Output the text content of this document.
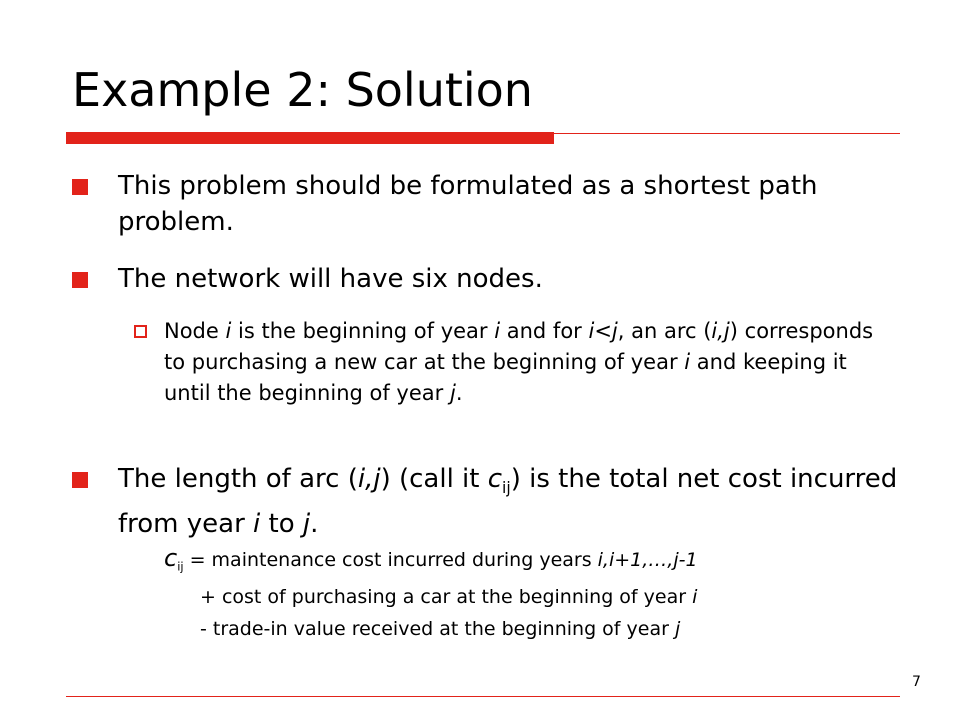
Example 2: Solution
This problem should be formulated as a shortest path problem.
The network will have six nodes.
Node i is the beginning of year i and for i<j, an arc (i,j) corresponds to purchasing a new car at the beginning of year i and keeping it until the beginning of year j.
The length of arc (i,j) (call it $c_{ij}$) is the total net cost incurred from year i to j.
$c_{ij}$ = maintenance cost incurred during years i,i+1,…,j-1
+ cost of purchasing a car at the beginning of year i
- trade-in value received at the beginning of year j
7
